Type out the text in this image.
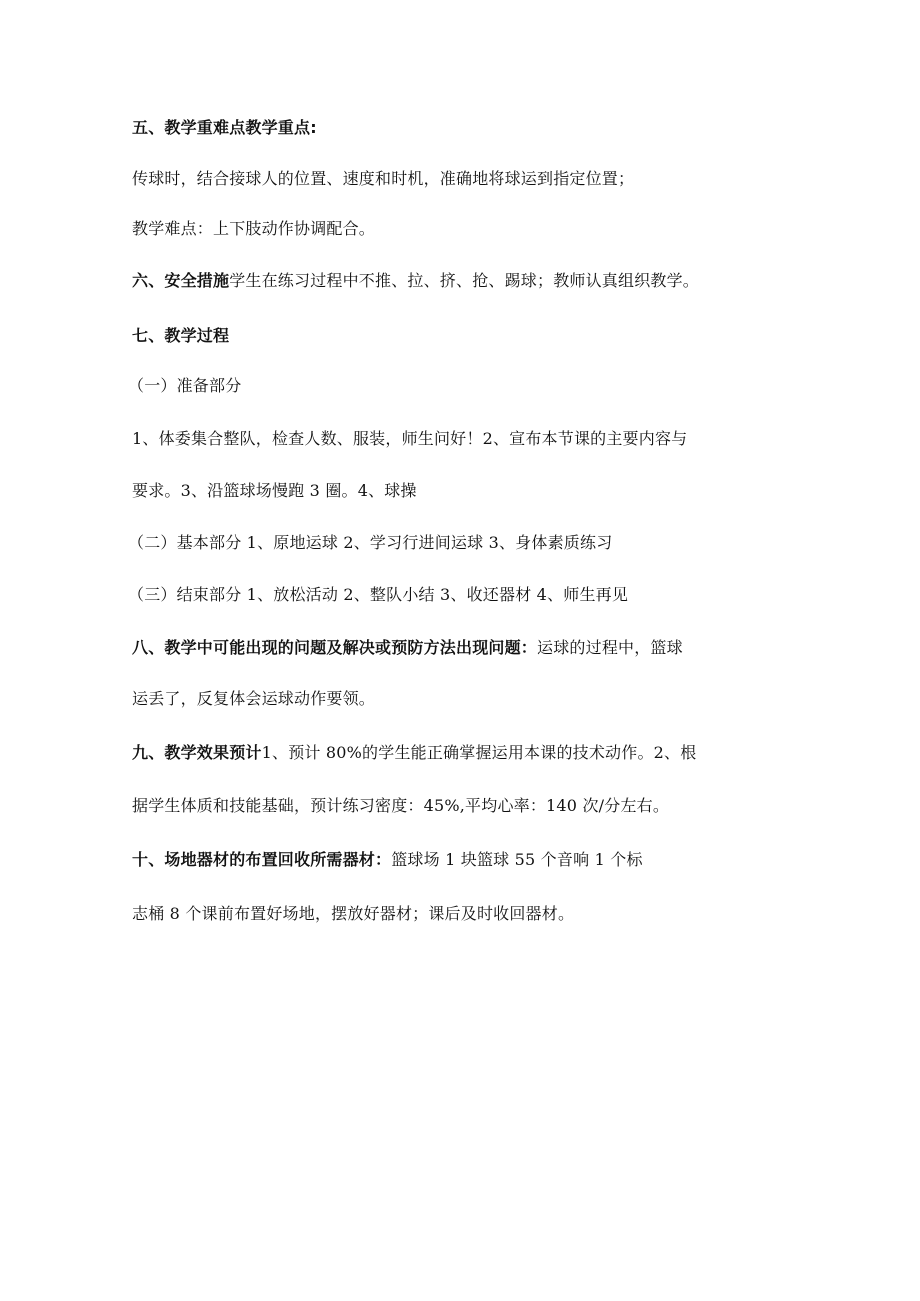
五、教学重难点教学重点:
传球时，结合接球人的位置、速度和时机，准确地将球运到指定位置；
教学难点：上下肢动作协调配合。
六、安全措施学生在练习过程中不推、拉、挤、抢、踢球；教师认真组织教学。
七、教学过程
（一）准备部分
1、体委集合整队，检查人数、服装，师生问好！2、宣布本节课的主要内容与
要求。3、沿篮球场慢跑 3 圈。4、球操
（二）基本部分 1、原地运球 2、学习行进间运球 3、身体素质练习
（三）结束部分 1、放松活动 2、整队小结 3、收还器材 4、师生再见
八、教学中可能出现的问题及解决或预防方法出现问题：运球的过程中，篮球
运丢了，反复体会运球动作要领。
九、教学效果预计1、预计 80%的学生能正确掌握运用本课的技术动作。2、根
据学生体质和技能基础，预计练习密度：45%,平均心率：140 次/分左右。
十、场地器材的布置回收所需器材：篮球场 1 块篮球 55 个音响 1 个标
志桶 8 个课前布置好场地，摆放好器材；课后及时收回器材。
